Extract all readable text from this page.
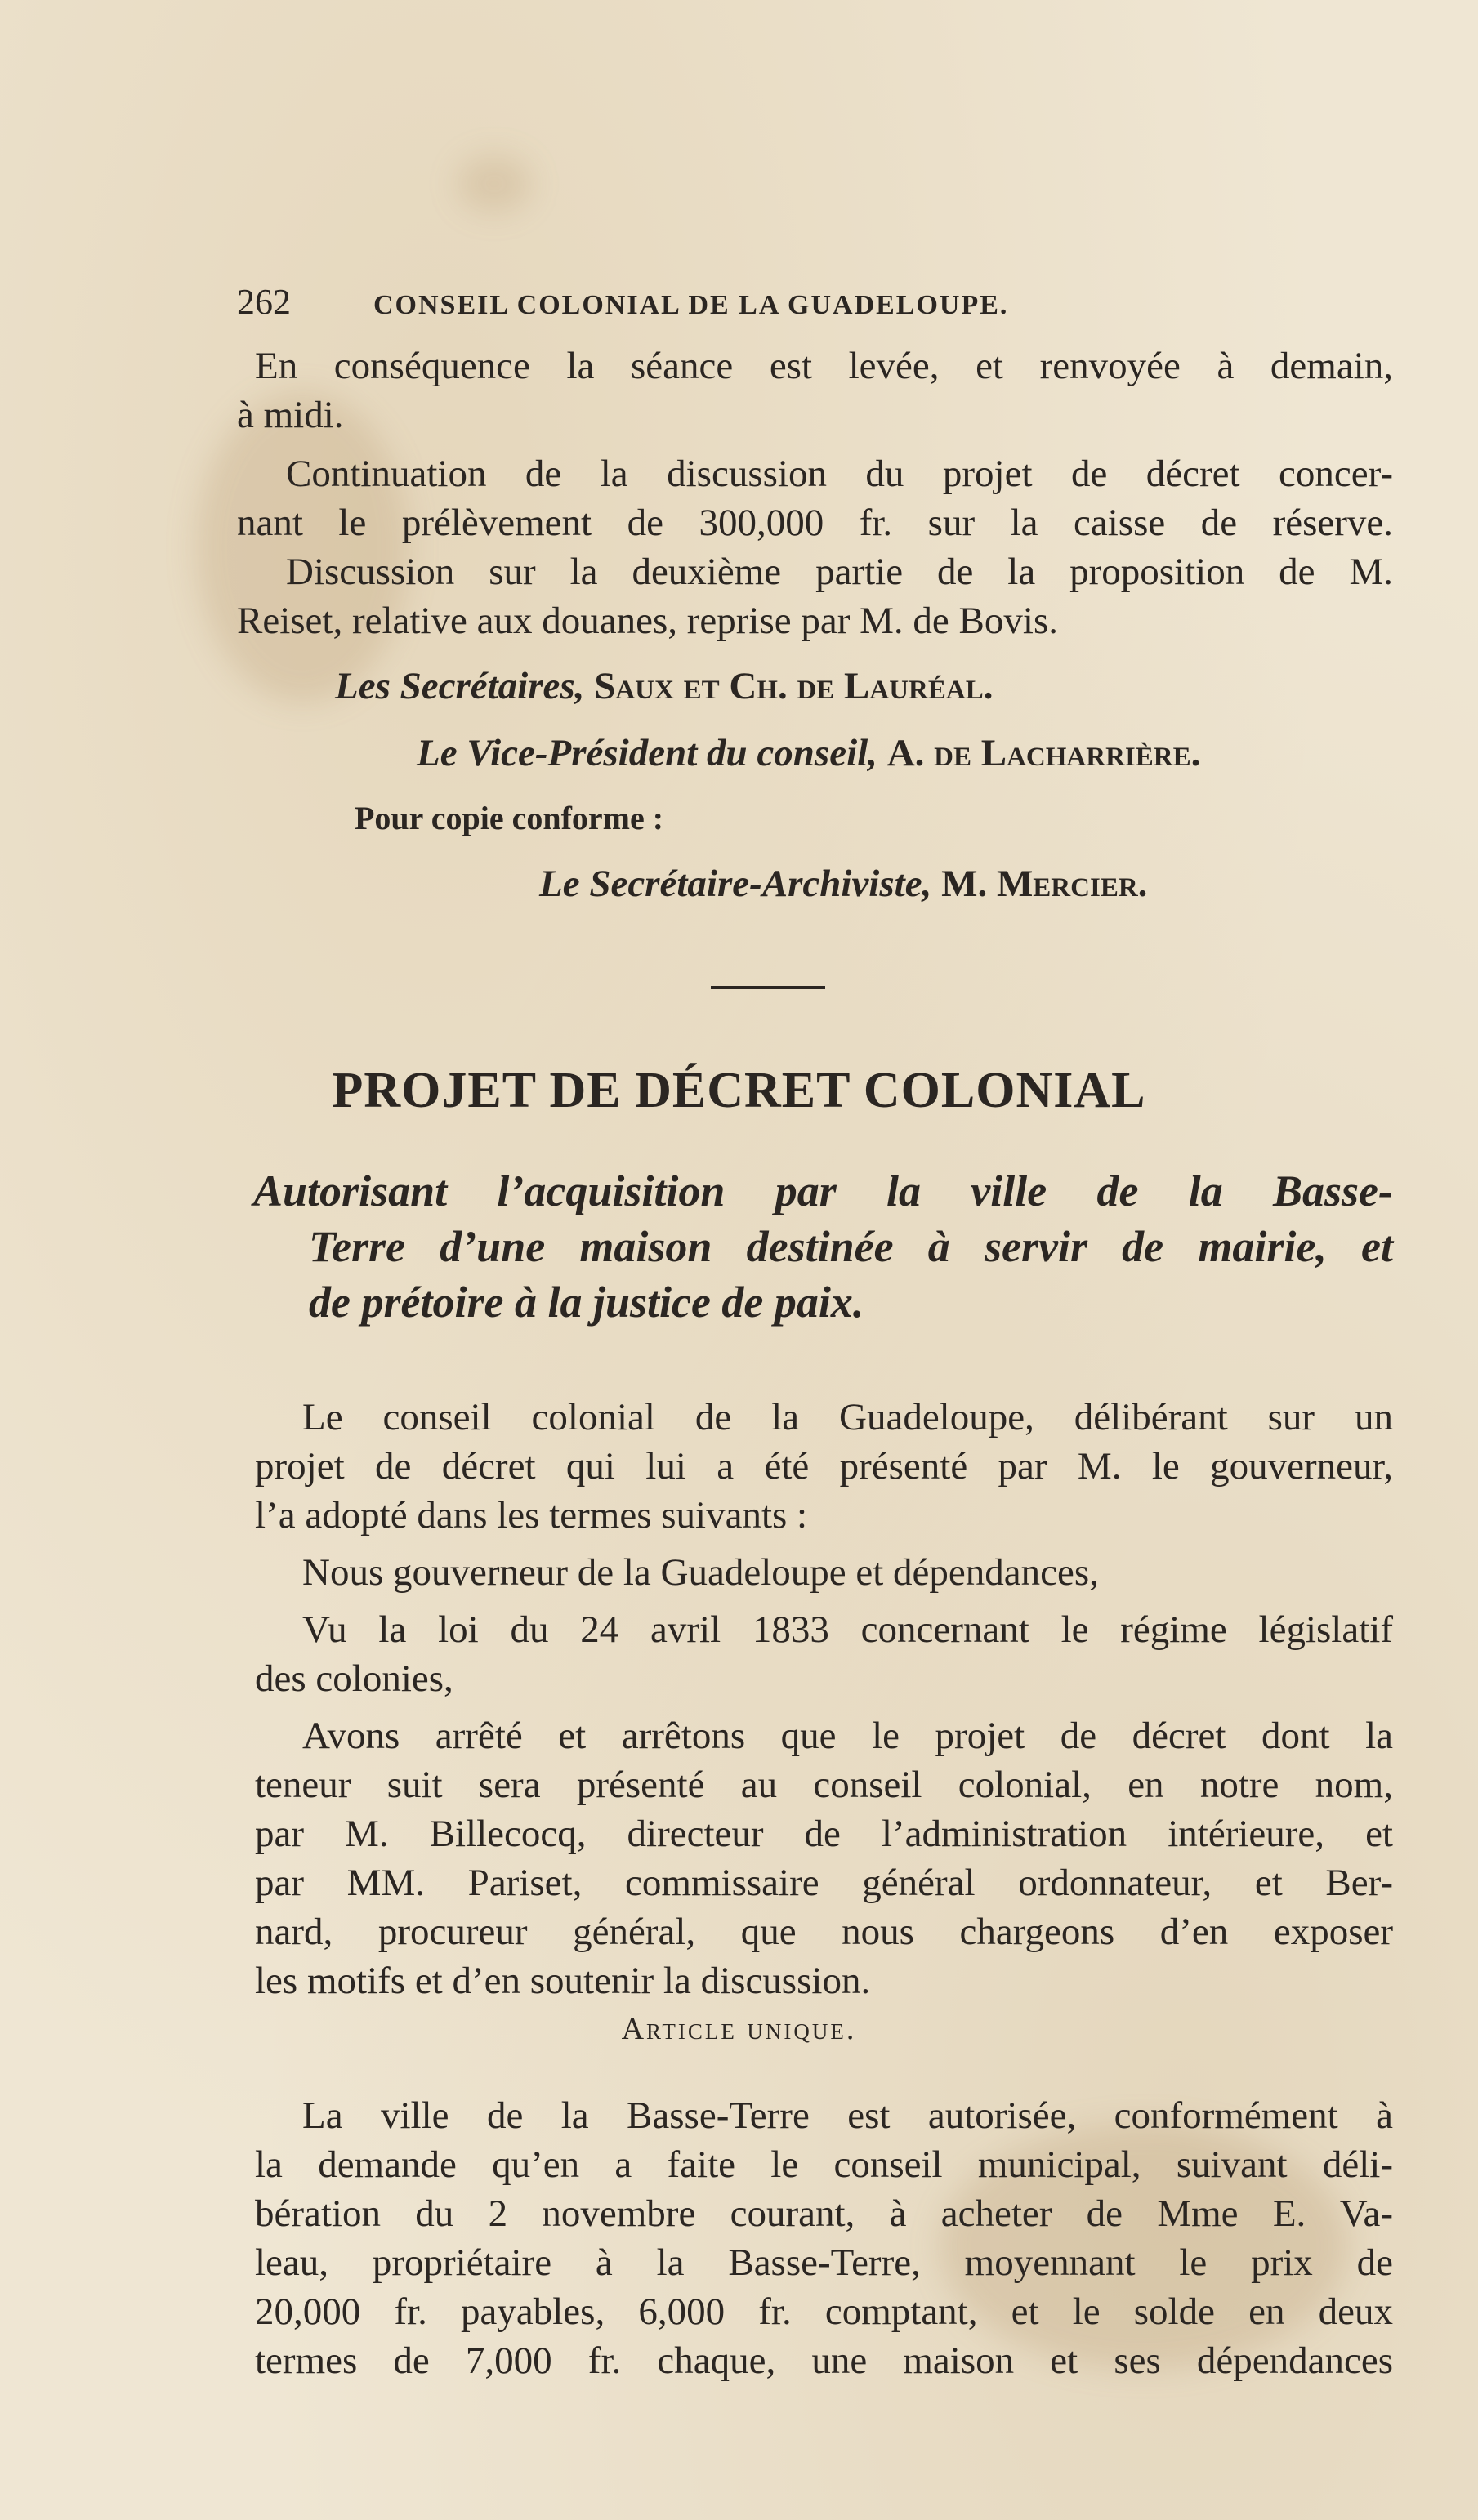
262	CONSEIL COLONIAL DE LA GUADELOUPE.
En conséquence la séance est levée, et renvoyée à demain,
à midi.
Continuation de la discussion du projet de décret concer-
nant le prélèvement de 300,000 fr. sur la caisse de réserve.
Discussion sur la deuxième partie de la proposition de M.
Reiset, relative aux douanes, reprise par M. de Bovis.
Les Secrétaires, Saux et Ch. de Lauréal.
Le Vice-Président du conseil, A. de Lacharrière.
Pour copie conforme :
Le Secrétaire-Archiviste, M. Mercier.
PROJET DE DÉCRET COLONIAL
Autorisant l’acquisition par la ville de la Basse-
Terre d’une maison destinée à servir de mairie, et
de prétoire à la justice de paix.
Le conseil colonial de la Guadeloupe, délibérant sur un
projet de décret qui lui a été présenté par M. le gouverneur,
l’a adopté dans les termes suivants :
Nous gouverneur de la Guadeloupe et dépendances,
Vu la loi du 24 avril 1833 concernant le régime législatif
des colonies,
Avons arrêté et arrêtons que le projet de décret dont la
teneur suit sera présenté au conseil colonial, en notre nom,
par M. Billecocq, directeur de l’administration intérieure, et
par MM. Pariset, commissaire général ordonnateur, et Ber-
nard, procureur général, que nous chargeons d’en exposer
les motifs et d’en soutenir la discussion.
Article unique.
La ville de la Basse-Terre est autorisée, conformément à
la demande qu’en a faite le conseil municipal, suivant déli-
bération du 2 novembre courant, à acheter de Mme E. Va-
leau, propriétaire à la Basse-Terre, moyennant le prix de
20,000 fr. payables, 6,000 fr. comptant, et le solde en deux
termes de 7,000 fr. chaque, une maison et ses dépendances
